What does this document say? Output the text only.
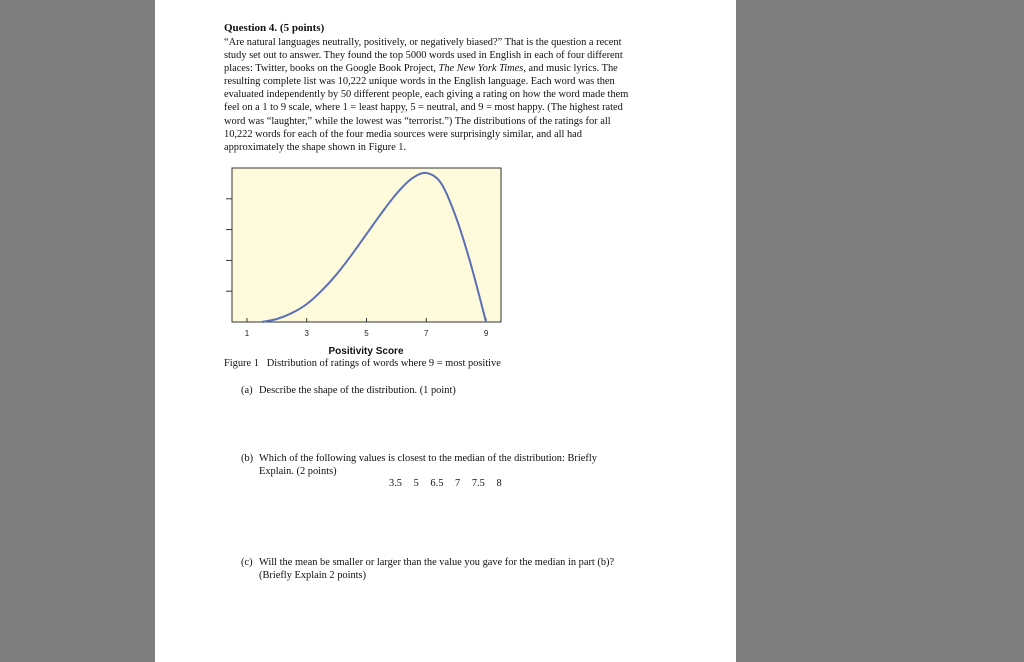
Question 4. (5 points)
“Are natural languages neutrally, positively, or negatively biased?” That is the question a recent
study set out to answer. They found the top 5000 words used in English in each of four different
places: Twitter, books on the Google Book Project, The New York Times, and music lyrics. The
resulting complete list was 10,222 unique words in the English language. Each word was then
evaluated independently by 50 different people, each giving a rating on how the word made them
feel on a 1 to 9 scale, where 1 = least happy, 5 = neutral, and 9 = most happy. (The highest rated
word was “laughter,” while the lowest was “terrorist.”) The distributions of the ratings for all
10,222 words for each of the four media sources were surprisingly similar, and all had
approximately the shape shown in Figure 1.
1	3	5	7	9
Positivity Score
Figure 1 Distribution of ratings of words where 9 = most positive
(a) Describe the shape of the distribution. (1 point)
(b) Which of the following values is closest to the median of the distribution: Briefly
Explain. (2 points)
3.5 5 6.5 7 7.5 8
(c) Will the mean be smaller or larger than the value you gave for the median in part (b)?
(Briefly Explain 2 points)
